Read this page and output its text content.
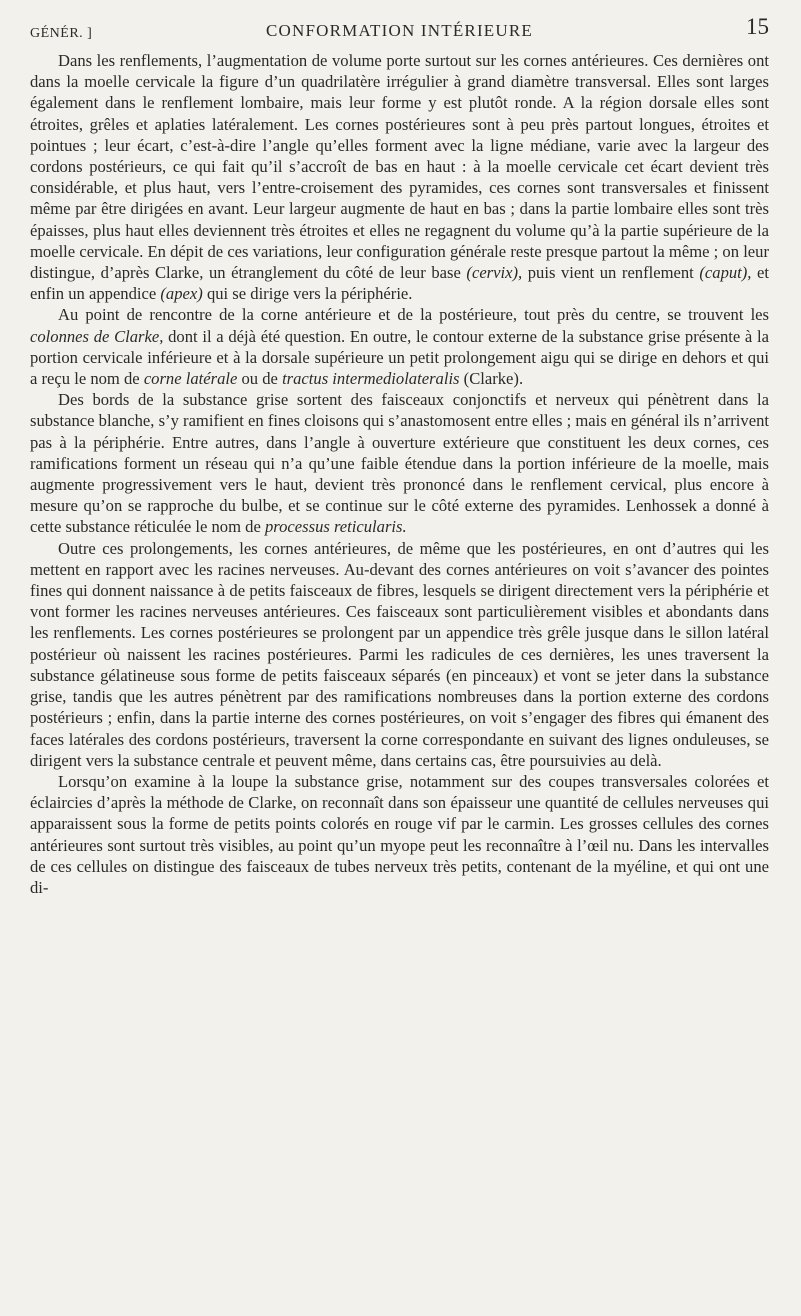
GÉNÉR. ]	CONFORMATION INTÉRIEURE	15

Dans les renflements, l’augmentation de volume porte surtout sur les cornes antérieures. Ces dernières ont dans la moelle cervicale la figure d’un quadrilatère irrégulier à grand diamètre transversal. Elles sont larges également dans le renflement lombaire, mais leur forme y est plutôt ronde. A la région dorsale elles sont étroites, grêles et aplaties latéralement. Les cornes postérieures sont à peu près partout longues, étroites et pointues ; leur écart, c’est-à-dire l’angle qu’elles forment avec la ligne médiane, varie avec la largeur des cordons postérieurs, ce qui fait qu’il s’accroît de bas en haut : à la moelle cervicale cet écart devient très considérable, et plus haut, vers l’entre-croisement des pyramides, ces cornes sont transversales et finissent même par être dirigées en avant. Leur largeur augmente de haut en bas ; dans la partie lombaire elles sont très épaisses, plus haut elles deviennent très étroites et elles ne regagnent du volume qu’à la partie supérieure de la moelle cervicale. En dépit de ces variations, leur configuration générale reste presque partout la même ; on leur distingue, d’après Clarke, un étranglement du côté de leur base (cervix), puis vient un renflement (caput), et enfin un appendice (apex) qui se dirige vers la périphérie.

Au point de rencontre de la corne antérieure et de la postérieure, tout près du centre, se trouvent les colonnes de Clarke, dont il a déjà été question. En outre, le contour externe de la substance grise présente à la portion cervicale inférieure et à la dorsale supérieure un petit prolongement aigu qui se dirige en dehors et qui a reçu le nom de corne latérale ou de tractus intermediolateralis (Clarke).

Des bords de la substance grise sortent des faisceaux conjonctifs et nerveux qui pénètrent dans la substance blanche, s’y ramifient en fines cloisons qui s’anastomosent entre elles ; mais en général ils n’arrivent pas à la périphérie. Entre autres, dans l’angle à ouverture extérieure que constituent les deux cornes, ces ramifications forment un réseau qui n’a qu’une faible étendue dans la portion inférieure de la moelle, mais augmente progressivement vers le haut, devient très prononcé dans le renflement cervical, plus encore à mesure qu’on se rapproche du bulbe, et se continue sur le côté externe des pyramides. Lenhossek a donné à cette substance réticulée le nom de processus reticularis.

Outre ces prolongements, les cornes antérieures, de même que les postérieures, en ont d’autres qui les mettent en rapport avec les racines nerveuses. Au-devant des cornes antérieures on voit s’avancer des pointes fines qui donnent naissance à de petits faisceaux de fibres, lesquels se dirigent directement vers la périphérie et vont former les racines nerveuses antérieures. Ces faisceaux sont particulièrement visibles et abondants dans les renflements. Les cornes postérieures se prolongent par un appendice très grêle jusque dans le sillon latéral postérieur où naissent les racines postérieures. Parmi les radicules de ces dernières, les unes traversent la substance gélatineuse sous forme de petits faisceaux séparés (en pinceaux) et vont se jeter dans la substance grise, tandis que les autres pénètrent par des ramifications nombreuses dans la portion externe des cordons postérieurs ; enfin, dans la partie interne des cornes postérieures, on voit s’engager des fibres qui émanent des faces latérales des cordons postérieurs, traversent la corne correspondante en suivant des lignes onduleuses, se dirigent vers la substance centrale et peuvent même, dans certains cas, être poursuivies au delà.

Lorsqu’on examine à la loupe la substance grise, notamment sur des coupes transversales colorées et éclaircies d’après la méthode de Clarke, on reconnaît dans son épaisseur une quantité de cellules nerveuses qui apparaissent sous la forme de petits points colorés en rouge vif par le carmin. Les grosses cellules des cornes antérieures sont surtout très visibles, au point qu’un myope peut les reconnaître à l’œil nu. Dans les intervalles de ces cellules on distingue des faisceaux de tubes nerveux très petits, contenant de la myéline, et qui ont une di-
